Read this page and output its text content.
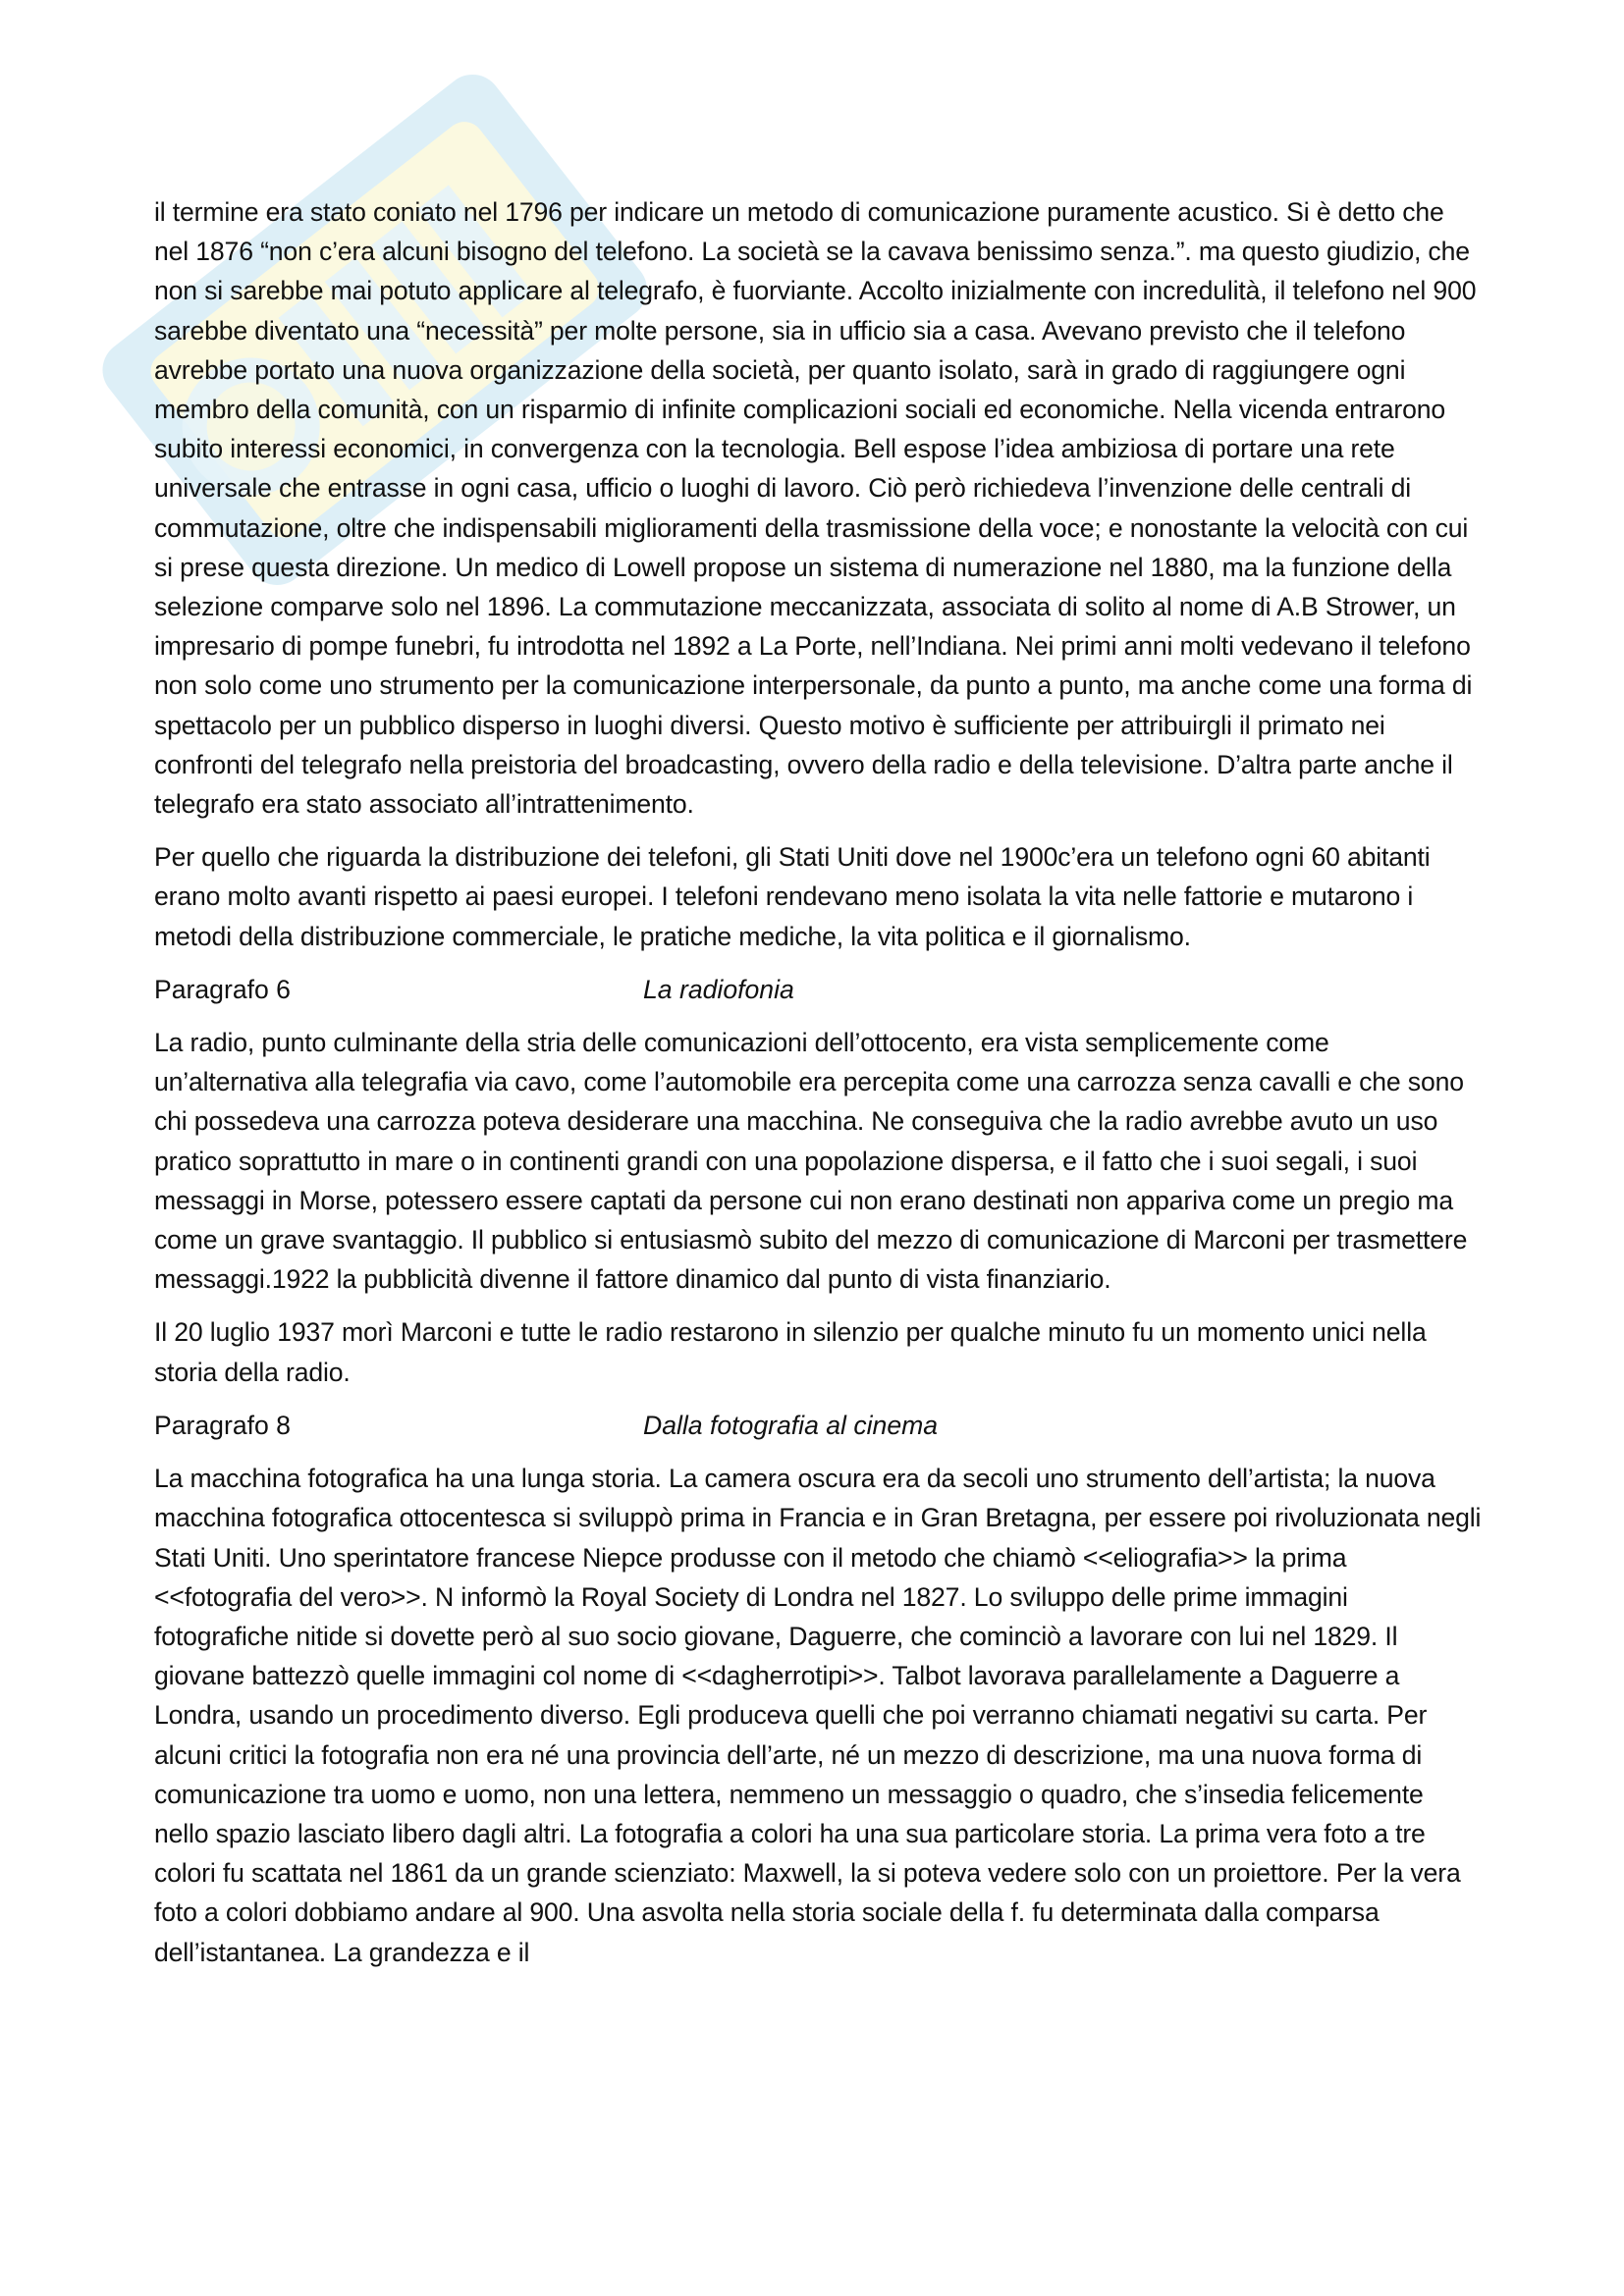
il termine era stato coniato nel 1796 per indicare un metodo di comunicazione puramente acustico. Si è detto che nel 1876 “non c’era alcuni bisogno del telefono. La società se la cavava benissimo senza.”. ma questo giudizio, che non si sarebbe mai potuto applicare al telegrafo, è fuorviante. Accolto inizialmente con incredulità, il telefono nel 900 sarebbe diventato una “necessità” per molte persone, sia in ufficio sia a casa. Avevano previsto che il telefono avrebbe portato una nuova organizzazione della società, per quanto isolato, sarà in grado di raggiungere ogni membro della comunità, con un risparmio di infinite complicazioni sociali ed economiche. Nella vicenda entrarono subito interessi economici, in convergenza con la tecnologia. Bell espose l’idea ambiziosa di portare una rete universale che entrasse in ogni casa, ufficio o luoghi di lavoro. Ciò però richiedeva l’invenzione delle centrali di commutazione, oltre che indispensabili miglioramenti della trasmissione della voce; e nonostante la velocità con cui si prese questa direzione. Un medico di Lowell propose un sistema di numerazione nel 1880, ma la funzione della selezione comparve solo nel 1896. La commutazione meccanizzata, associata di solito al nome di A.B Strower, un impresario di pompe funebri, fu introdotta nel 1892 a La Porte, nell’Indiana. Nei primi anni molti vedevano il telefono non solo come uno strumento per la comunicazione interpersonale, da punto a punto, ma anche come una forma di spettacolo per un pubblico disperso in luoghi diversi. Questo motivo è sufficiente per attribuirgli il primato nei confronti del telegrafo nella preistoria del broadcasting, ovvero della radio e della televisione. D’altra parte anche il telegrafo era stato associato all’intrattenimento.

Per quello che riguarda la distribuzione dei telefoni, gli Stati Uniti dove nel 1900c’era un telefono ogni 60 abitanti erano molto avanti rispetto ai paesi europei. I telefoni rendevano meno isolata la vita nelle fattorie e mutarono i metodi della distribuzione commerciale, le pratiche mediche, la vita politica e il giornalismo.

Paragrafo 6	La radiofonia

La radio, punto culminante della stria delle comunicazioni dell’ottocento, era vista semplicemente come un’alternativa alla telegrafia via cavo, come l’automobile era percepita come una carrozza senza cavalli e che sono chi possedeva una carrozza poteva desiderare una macchina. Ne conseguiva che la radio avrebbe avuto un uso pratico soprattutto in mare o in continenti grandi con una popolazione dispersa, e il fatto che i suoi segali, i suoi messaggi in Morse, potessero essere captati da persone cui non erano destinati non appariva come un pregio ma come un grave svantaggio. Il pubblico si entusiasmò subito del mezzo di comunicazione di Marconi per trasmettere messaggi.1922 la pubblicità divenne il fattore dinamico dal punto di vista finanziario.

Il 20 luglio 1937 morì Marconi e tutte le radio restarono in silenzio per qualche minuto fu un momento unici nella storia della radio.

Paragrafo 8	Dalla fotografia al cinema

La macchina fotografica ha una lunga storia. La camera oscura era da secoli uno strumento dell’artista; la nuova macchina fotografica ottocentesca si sviluppò prima in Francia e in Gran Bretagna, per essere poi rivoluzionata negli Stati Uniti. Uno sperintatore francese Niepce produsse con il metodo che chiamò <<eliografia>> la prima <<fotografia del vero>>. N informò la Royal Society di Londra nel 1827. Lo sviluppo delle prime immagini fotografiche nitide si dovette però al suo socio giovane, Daguerre, che cominciò a lavorare con lui nel 1829. Il giovane battezzò quelle immagini col nome di <<dagherrotipi>>. Talbot lavorava parallelamente a Daguerre a Londra, usando un procedimento diverso. Egli produceva quelli che poi verranno chiamati negativi su carta. Per alcuni critici la fotografia non era né una provincia dell’arte, né un mezzo di descrizione, ma una nuova forma di comunicazione tra uomo e uomo, non una lettera, nemmeno un messaggio o quadro, che s’insedia felicemente nello spazio lasciato libero dagli altri. La fotografia a colori ha una sua particolare storia. La prima vera foto a tre colori fu scattata nel 1861 da un grande scienziato: Maxwell, la si poteva vedere solo con un proiettore. Per la vera foto a colori dobbiamo andare al 900. Una asvolta nella storia sociale della f. fu determinata dalla comparsa dell’istantanea. La grandezza e il
